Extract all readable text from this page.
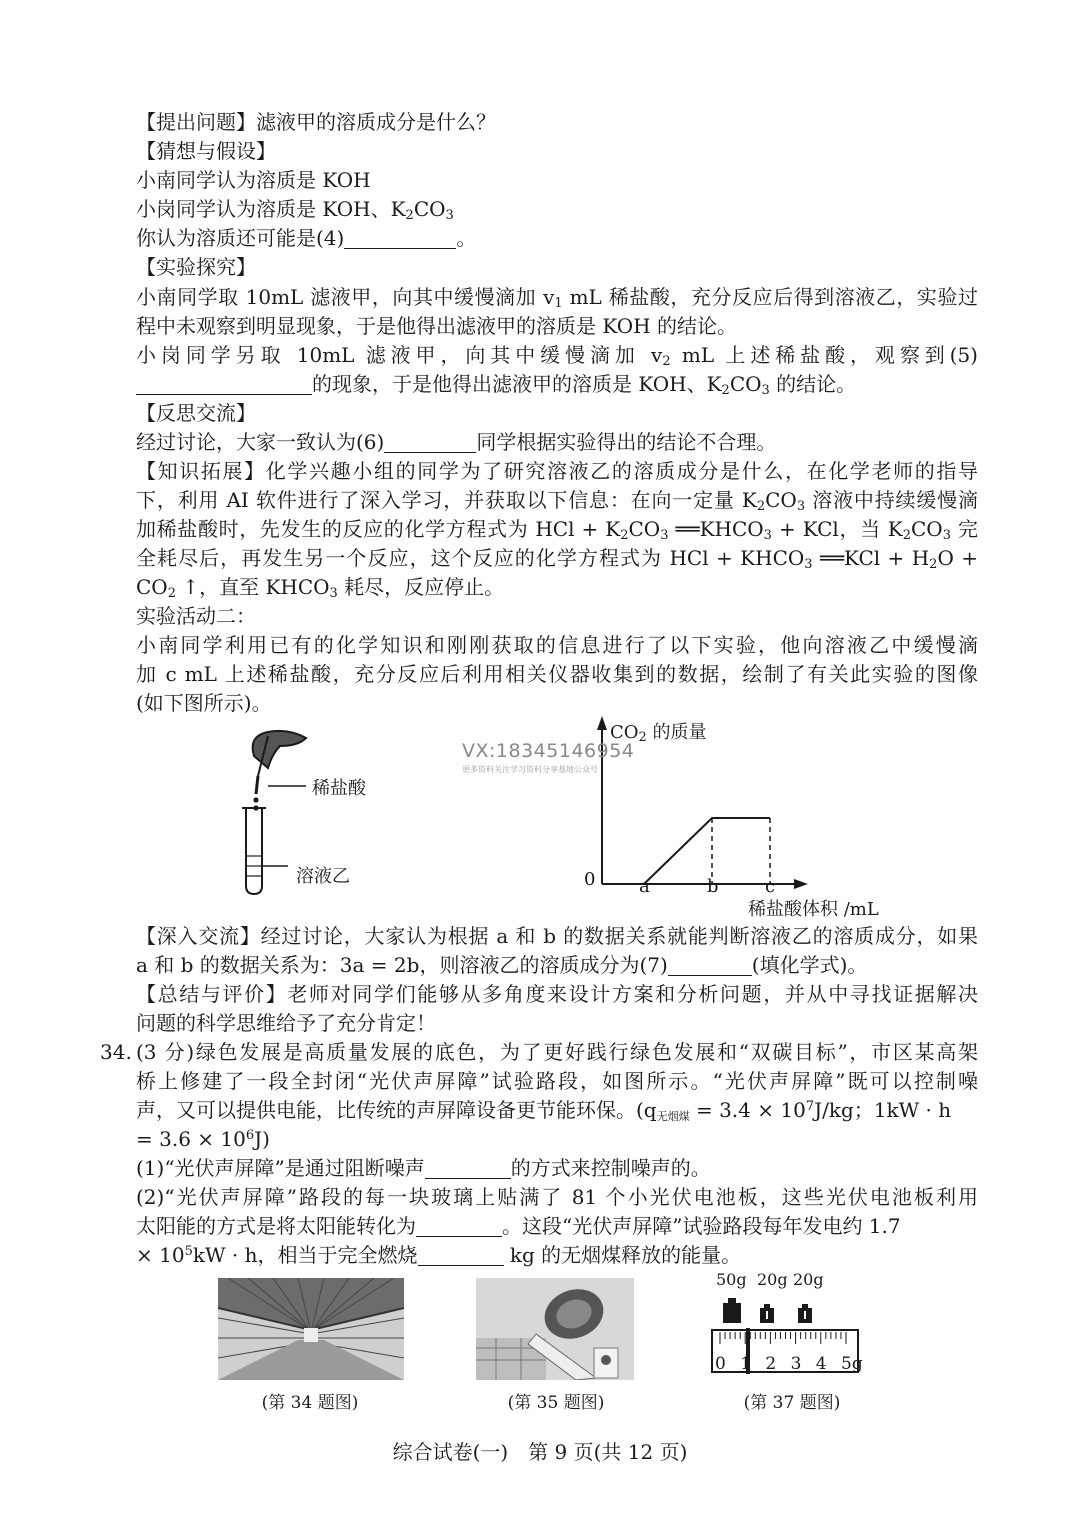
【提出问题】滤液甲的溶质成分是什么？
【猜想与假设】
小南同学认为溶质是 KOH
小岗同学认为溶质是 KOH、$K_2CO_3$
你认为溶质还可能是(4)	。
【实验探究】
小南同学取 10mL 滤液甲，向其中缓慢滴加 $v_1$ mL 稀盐酸，充分反应后得到溶液乙，实验过
程中未观察到明显现象，于是他得出滤液甲的溶质是 KOH 的结论。
小岗同学另取 10mL 滤液甲，向其中缓慢滴加 $v_2$ mL 上述稀盐酸，观察到(5)
的现象，于是他得出滤液甲的溶质是 KOH、$K_2CO_3$ 的结论。
【反思交流】
经过讨论，大家一致认为(6)	同学根据实验得出的结论不合理。
【知识拓展】化学兴趣小组的同学为了研究溶液乙的溶质成分是什么，在化学老师的指导
下，利用 AI 软件进行了深入学习，并获取以下信息：在向一定量 $K_2CO_3$ 溶液中持续缓慢滴
加稀盐酸时，先发生的反应的化学方程式为 HCl + $K_2CO_3$ $══KHCO_3$ + KCl，当 $K_2CO_3$ 完
全耗尽后，再发生另一个反应，这个反应的化学方程式为 HCl + $KHCO_3$ ══KCl + $H_2O$ +
$CO_2$ ↑，直至 $KHCO_3$ 耗尽，反应停止。
实验活动二：
小南同学利用已有的化学知识和刚刚获取的信息进行了以下实验，他向溶液乙中缓慢滴
加 c mL 上述稀盐酸，充分反应后利用相关仪器收集到的数据，绘制了有关此实验的图像
(如下图所示)。
稀盐酸
溶液乙
$CO_2$ 的质量
0 a	b	c
稀盐酸体积 /mL
VX:18345146954
更多资料关注学习资料分享基地公众号
【深入交流】经过讨论，大家认为根据 a 和 b 的数据关系就能判断溶液乙的溶质成分，如果
a 和 b 的数据关系为：3a = 2b，则溶液乙的溶质成分为(7)	(填化学式)。
【总结与评价】老师对同学们能够从多角度来设计方案和分析问题，并从中寻找证据解决
问题的科学思维给予了充分肯定！
34. (3 分)绿色发展是高质量发展的底色，为了更好践行绿色发展和“双碳目标”，市区某高架
桥上修建了一段全封闭“光伏声屏障”试验路段，如图所示。“光伏声屏障”既可以控制噪
声，又可以提供电能，比传统的声屏障设备更节能环保。($q_{无烟煤} = 3.4 \times 10^7J/kg$；1kW · h
= $3.6 \times 10^6J$)
(1)“光伏声屏障”是通过阻断噪声	的方式来控制噪声的。
(2)“光伏声屏障”路段的每一块玻璃上贴满了 81 个小光伏电池板，这些光伏电池板利用
太阳能的方式是将太阳能转化为	。这段“光伏声屏障”试验路段每年发电约 1.7
× $10^5kW \cdot h$，相当于完全燃烧	kg 的无烟煤释放的能量。
(第 34 题图)	(第 35 题图)
50g 20g 20g
0 1 2 3 4 5g
(第 37 题图)
综合试卷(一)　第 9 页(共 12 页)
